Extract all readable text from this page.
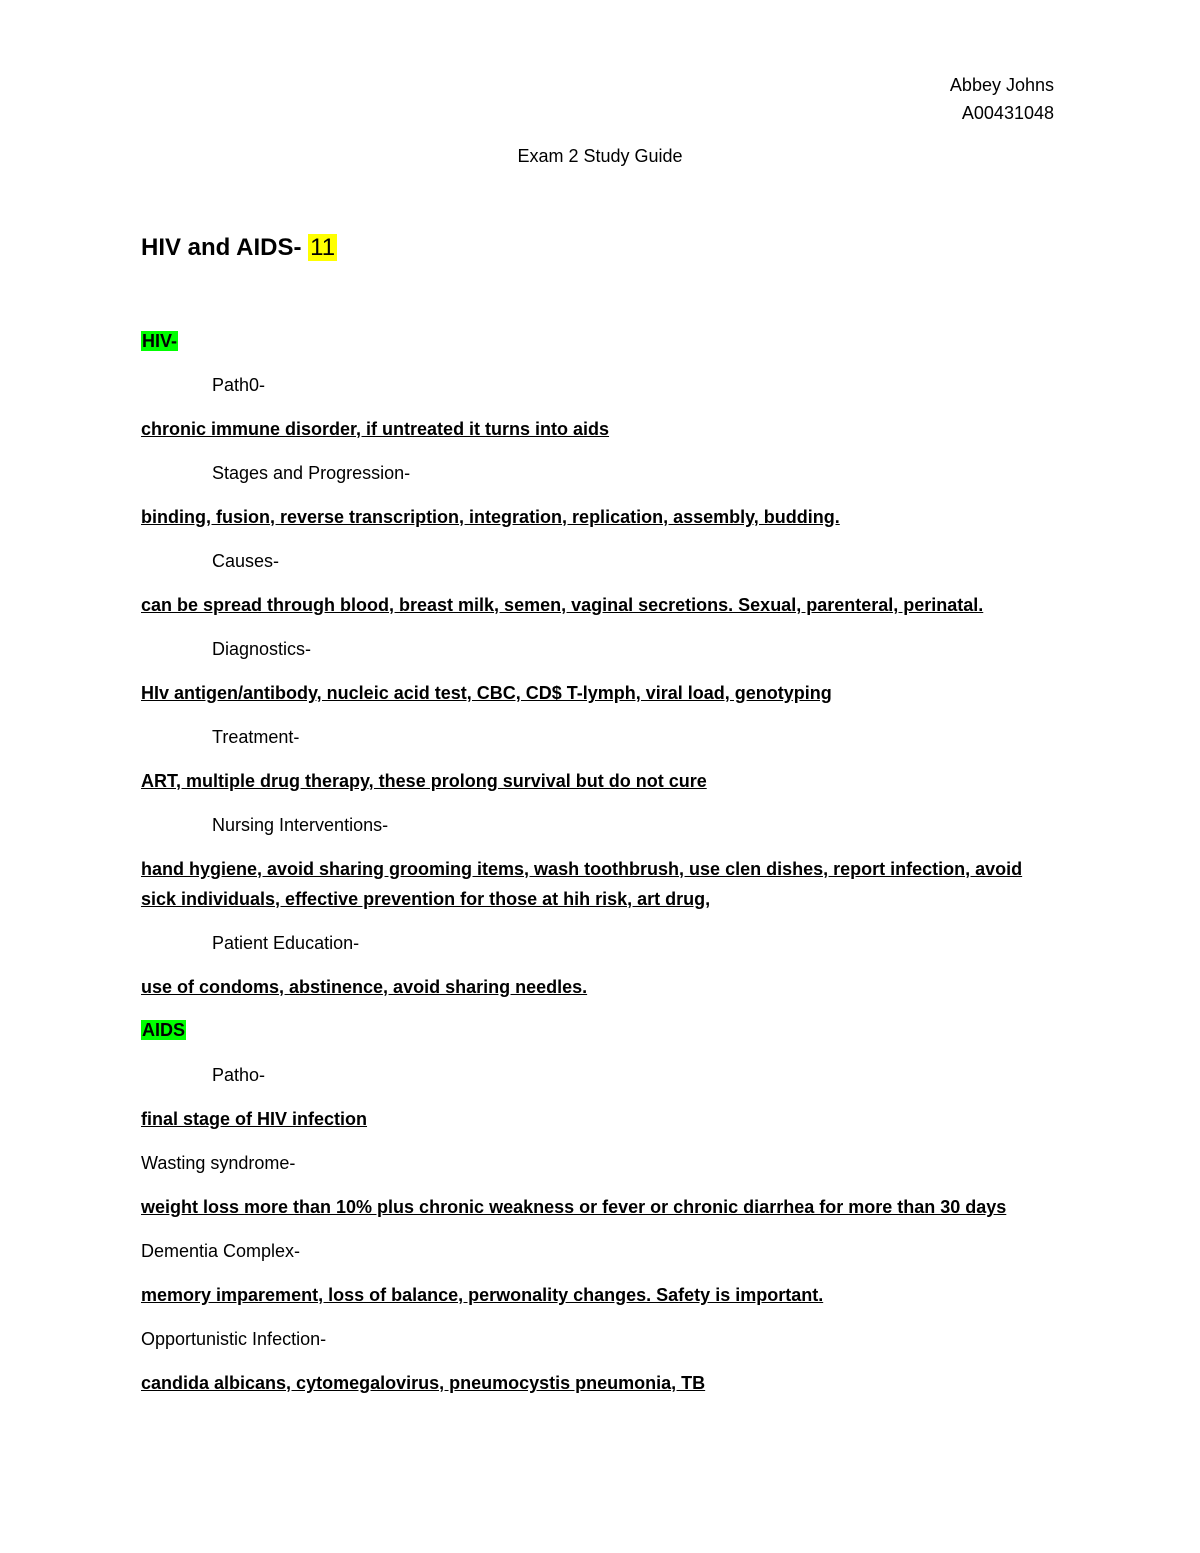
Abbey Johns
A00431048
Exam 2 Study Guide
HIV and AIDS- 11
HIV-
Path0-
chronic immune disorder, if untreated it turns into aids
Stages and Progression-
binding, fusion, reverse transcription, integration, replication, assembly, budding.
Causes-
can be spread through blood, breast milk, semen, vaginal secretions. Sexual, parenteral, perinatal.
Diagnostics-
HIv antigen/antibody, nucleic acid test, CBC, CD$ T-lymph, viral load, genotyping
Treatment-
ART, multiple drug therapy, these prolong survival but do not cure
Nursing Interventions-
hand hygiene, avoid sharing grooming items, wash toothbrush, use clen dishes, report infection, avoid
sick individuals, effective prevention for those at hih risk, art drug,
Patient Education-
use of condoms, abstinence, avoid sharing needles.
AIDS
Patho-
final stage of HIV infection
Wasting syndrome-
weight loss more than 10% plus chronic weakness or fever or chronic diarrhea for more than 30 days
Dementia Complex-
memory imparement, loss of balance, perwonality changes. Safety is important.
Opportunistic Infection-
candida albicans, cytomegalovirus, pneumocystis pneumonia, TB
